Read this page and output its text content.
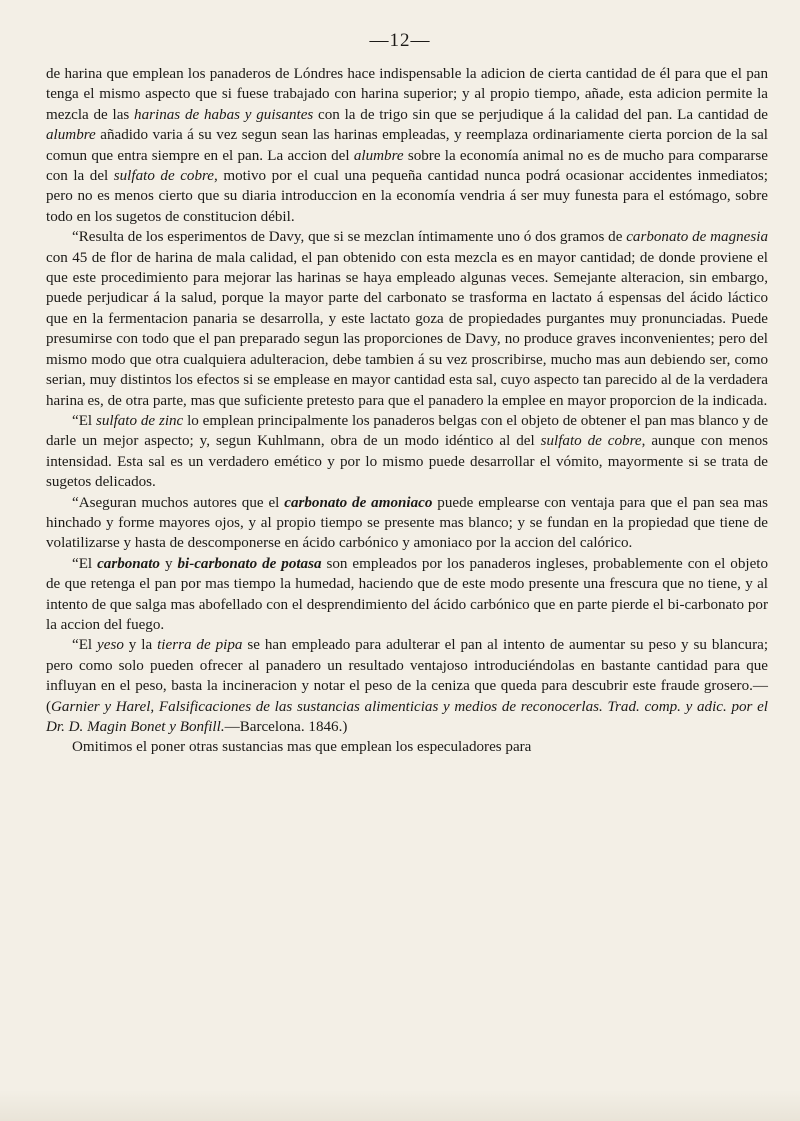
—12—

de harina que emplean los panaderos de Lóndres hace indispensable la adicion de cierta cantidad de él para que el pan tenga el mismo aspecto que si fuese trabajado con harina superior; y al propio tiempo, añade, esta adicion permite la mezcla de las harinas de habas y guisantes con la de trigo sin que se perjudique á la calidad del pan. La cantidad de alumbre añadido varia á su vez segun sean las harinas empleadas, y reemplaza ordinariamente cierta porcion de la sal comun que entra siempre en el pan. La accion del alumbre sobre la economía animal no es de mucho para compararse con la del sulfato de cobre, motivo por el cual una pequeña cantidad nunca podrá ocasionar accidentes inmediatos; pero no es menos cierto que su diaria introduccion en la economía vendria á ser muy funesta para el estómago, sobre todo en los sugetos de constitucion débil.

“Resulta de los esperimentos de Davy, que si se mezclan íntimamente uno ó dos gramos de carbonato de magnesia con 45 de flor de harina de mala calidad, el pan obtenido con esta mezcla es en mayor cantidad; de donde proviene el que este procedimiento para mejorar las harinas se haya empleado algunas veces. Semejante alteracion, sin embargo, puede perjudicar á la salud, porque la mayor parte del carbonato se trasforma en lactato á espensas del ácido láctico que en la fermentacion panaria se desarrolla, y este lactato goza de propiedades purgantes muy pronunciadas. Puede presumirse con todo que el pan preparado segun las proporciones de Davy, no produce graves inconvenientes; pero del mismo modo que otra cualquiera adulteracion, debe tambien á su vez proscribirse, mucho mas aun debiendo ser, como serian, muy distintos los efectos si se emplease en mayor cantidad esta sal, cuyo aspecto tan parecido al de la verdadera harina es, de otra parte, mas que suficiente pretesto para que el panadero la emplee en mayor proporcion de la indicada.

“El sulfato de zinc lo emplean principalmente los panaderos belgas con el objeto de obtener el pan mas blanco y de darle un mejor aspecto; y, segun Kuhlmann, obra de un modo idéntico al del sulfato de cobre, aunque con menos intensidad. Esta sal es un verdadero emético y por lo mismo puede desarrollar el vómito, mayormente si se trata de sugetos delicados.

“Aseguran muchos autores que el carbonato de amoniaco puede emplearse con ventaja para que el pan sea mas hinchado y forme mayores ojos, y al propio tiempo se presente mas blanco; y se fundan en la propiedad que tiene de volatilizarse y hasta de descomponerse en ácido carbónico y amoniaco por la accion del calórico.

“El carbonato y bi-carbonato de potasa son empleados por los panaderos ingleses, probablemente con el objeto de que retenga el pan por mas tiempo la humedad, haciendo que de este modo presente una frescura que no tiene, y al intento de que salga mas abofellado con el desprendimiento del ácido carbónico que en parte pierde el bi-carbonato por la accion del fuego.

“El yeso y la tierra de pipa se han empleado para adulterar el pan al intento de aumentar su peso y su blancura; pero como solo pueden ofrecer al panadero un resultado ventajoso introduciéndolas en bastante cantidad para que influyan en el peso, basta la incineracion y notar el peso de la ceniza que queda para descubrir este fraude grosero.—(Garnier y Harel, Falsificaciones de las sustancias alimenticias y medios de reconocerlas. Trad. comp. y adic. por el Dr. D. Magin Bonet y Bonfill.—Barcelona. 1846.)

Omitimos el poner otras sustancias mas que emplean los especuladores para
